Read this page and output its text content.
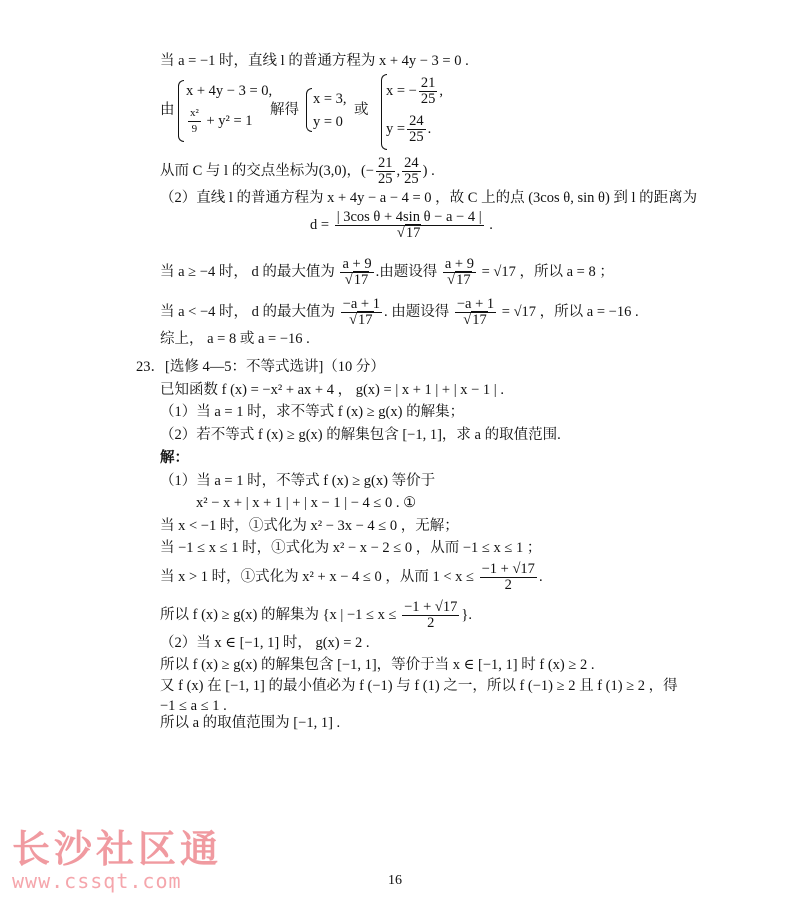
当 a = −1 时，直线 l 的普通方程为 x + 4y − 3 = 0 .
由
x + 4y − 3 = 0,
$\frac{\text{x²}}{9} + y^2 = 1$
解得
x = 3,
y = 0
或
x = − $\frac{21}{25}$ ,
$y = \frac{24}{25}$ .
从而 C 与 l 的交点坐标为(3,0)，(− $\frac{21}{25}$ , $\frac{24}{25}$ ) .
（2）直线 l 的普通方程为 x + 4y − a − 4 = 0 ，故 C 上的点 (3cos θ, sin θ) 到 l 的距离为
$d = \frac{\text{| 3cos θ + 4sin θ − a − 4 |}}{√17}$ .
当 a ≥ −4 时， d 的最大值为 $\frac{a + 9}{√17}$ .由题设得 $\frac{a + 9}{√17} = √17$ ，所以 a = 8 ；
当 a < −4 时， d 的最大值为 $\frac{-a + 1}{√17}$ . 由题设得 $\frac{-a + 1}{√17} = √17$ ，所以 a = −16 .
综上， a = 8 或 a = −16 .
23．[选修 4—5：不等式选讲]（10 分）
已知函数 f (x) = −x² + ax + 4 ， g(x) = | x + 1 | + | x − 1 | .
（1）当 a = 1 时，求不等式 f (x) ≥ g(x) 的解集；
（2）若不等式 f (x) ≥ g(x) 的解集包含 [−1, 1]，求 a 的取值范围.
解：
（1）当 a = 1 时，不等式 f (x) ≥ g(x) 等价于
x² − x + | x + 1 | + | x − 1 | − 4 ≤ 0 . ①
当 x < −1 时，①式化为 x² − 3x − 4 ≤ 0 ，无解；
当 −1 ≤ x ≤ 1 时，①式化为 x² − x − 2 ≤ 0 ，从而 −1 ≤ x ≤ 1 ；
当 x > 1 时，①式化为 x² + x − 4 ≤ 0 ，从而 $1 < x \le \frac{-1 + √17}{2}$ .
所以 f (x) ≥ g(x) 的解集为 {x | $-1 \le x \le \frac{-1 + √17}{2}$ }.
（2）当 x ∈ [−1, 1] 时， g(x) = 2 .
所以 f (x) ≥ g(x) 的解集包含 [−1, 1]，等价于当 x ∈ [−1, 1] 时 f (x) ≥ 2 .
又 f (x) 在 [−1, 1] 的最小值必为 f (−1) 与 f (1) 之一，所以 f (−1) ≥ 2 且 f (1) ≥ 2 ，得
−1 ≤ a ≤ 1 .
所以 a 的取值范围为 [−1, 1] .
长沙社区通
www.cssqt.com	16
